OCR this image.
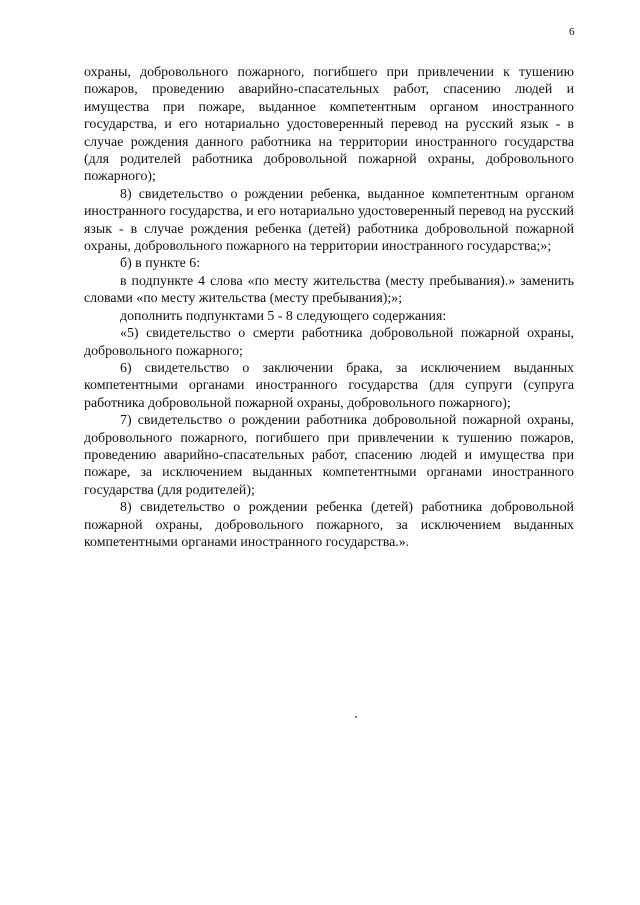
6

охраны, добровольного пожарного, погибшего при привлечении к тушению пожаров, проведению аварийно-спасательных работ, спасению людей и имущества при пожаре, выданное компетентным органом иностранного государства, и его нотариально удостоверенный перевод на русский язык - в случае рождения данного работника на территории иностранного государства (для родителей работника добровольной пожарной охраны, добровольного пожарного);

8) свидетельство о рождении ребенка, выданное компетентным органом иностранного государства, и его нотариально удостоверенный перевод на русский язык - в случае рождения ребенка (детей) работника добровольной пожарной охраны, добровольного пожарного на территории иностранного государства;»;

б) в пункте 6:

в подпункте 4 слова «по месту жительства (месту пребывания).» заменить словами «по месту жительства (месту пребывания);»;

дополнить подпунктами 5 - 8 следующего содержания:

«5) свидетельство о смерти работника добровольной пожарной охраны, добровольного пожарного;

6) свидетельство о заключении брака, за исключением выданных компетентными органами иностранного государства (для супруги (супруга работника добровольной пожарной охраны, добровольного пожарного);

7) свидетельство о рождении работника добровольной пожарной охраны, добровольного пожарного, погибшего при привлечении к тушению пожаров, проведению аварийно-спасательных работ, спасению людей и имущества при пожаре, за исключением выданных компетентными органами иностранного государства (для родителей);

8) свидетельство о рождении ребенка (детей) работника добровольной пожарной охраны, добровольного пожарного, за исключением выданных компетентными органами иностранного государства.».
